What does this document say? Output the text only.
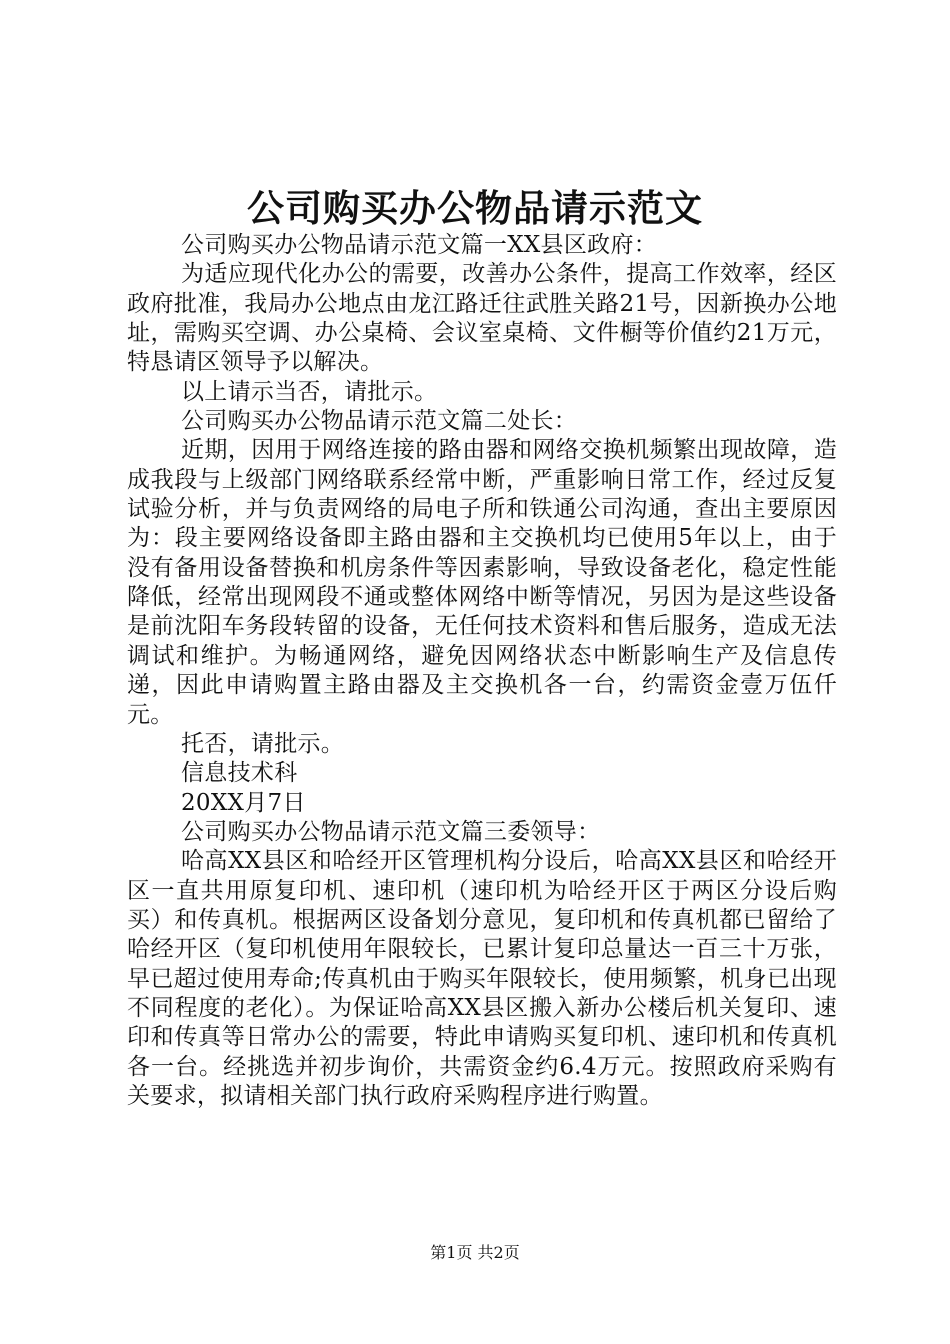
公司购买办公物品请示范文

公司购买办公物品请示范文篇一XX县区政府：

为适应现代化办公的需要，改善办公条件，提高工作效率，经区政府批准，我局办公地点由龙江路迁往武胜关路21号，因新换办公地址，需购买空调、办公桌椅、会议室桌椅、文件橱等价值约21万元，特恳请区领导予以解决。

以上请示当否，请批示。

公司购买办公物品请示范文篇二处长：

近期，因用于网络连接的路由器和网络交换机频繁出现故障，造成我段与上级部门网络联系经常中断，严重影响日常工作，经过反复试验分析，并与负责网络的局电子所和铁通公司沟通，查出主要原因为：段主要网络设备即主路由器和主交换机均已使用5年以上，由于没有备用设备替换和机房条件等因素影响，导致设备老化，稳定性能降低，经常出现网段不通或整体网络中断等情况，另因为是这些设备是前沈阳车务段转留的设备，无任何技术资料和售后服务，造成无法调试和维护。为畅通网络，避免因网络状态中断影响生产及信息传递，因此申请购置主路由器及主交换机各一台，约需资金壹万伍仟元。

托否，请批示。

信息技术科

20XX月7日

公司购买办公物品请示范文篇三委领导：

哈高XX县区和哈经开区管理机构分设后，哈高XX县区和哈经开区一直共用原复印机、速印机（速印机为哈经开区于两区分设后购买）和传真机。根据两区设备划分意见，复印机和传真机都已留给了哈经开区（复印机使用年限较长，已累计复印总量达一百三十万张，早已超过使用寿命;传真机由于购买年限较长，使用频繁，机身已出现不同程度的老化）。为保证哈高XX县区搬入新办公楼后机关复印、速印和传真等日常办公的需要，特此申请购买复印机、速印机和传真机各一台。经挑选并初步询价，共需资金约6.4万元。按照政府采购有关要求，拟请相关部门执行政府采购程序进行购置。

第1页 共2页
